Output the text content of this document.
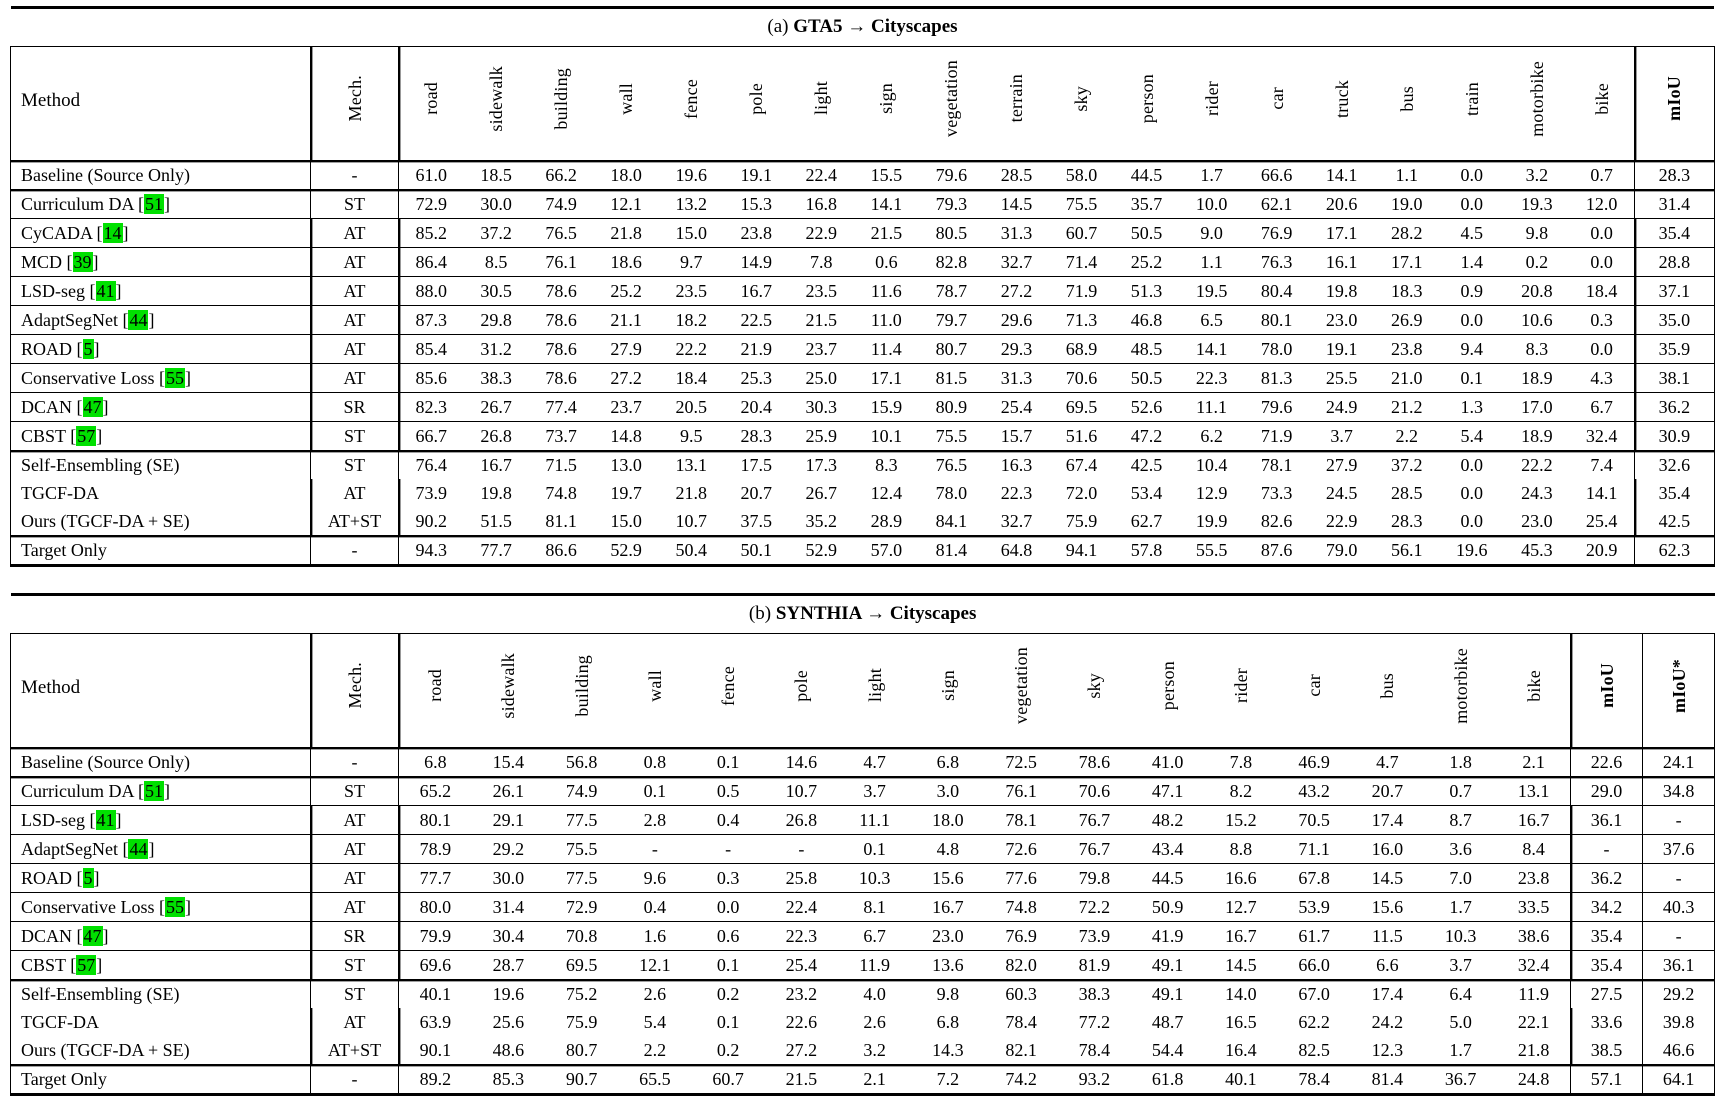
(a) GTA5 → Cityscapes																					
Method	Mech.	road	sidewalk	building	wall	fence	pole	light	sign	vegetation	terrain	sky	person	rider	car	truck	bus	train	motorbike	bike	mIoU
Baseline (Source Only)	-	61.0	18.5	66.2	18.0	19.6	19.1	22.4	15.5	79.6	28.5	58.0	44.5	1.7	66.6	14.1	1.1	0.0	3.2	0.7	28.3
Curriculum DA [51]	ST	72.9	30.0	74.9	12.1	13.2	15.3	16.8	14.1	79.3	14.5	75.5	35.7	10.0	62.1	20.6	19.0	0.0	19.3	12.0	31.4
CyCADA [14]	AT	85.2	37.2	76.5	21.8	15.0	23.8	22.9	21.5	80.5	31.3	60.7	50.5	9.0	76.9	17.1	28.2	4.5	9.8	0.0	35.4
MCD [39]	AT	86.4	8.5	76.1	18.6	9.7	14.9	7.8	0.6	82.8	32.7	71.4	25.2	1.1	76.3	16.1	17.1	1.4	0.2	0.0	28.8
LSD-seg [41]	AT	88.0	30.5	78.6	25.2	23.5	16.7	23.5	11.6	78.7	27.2	71.9	51.3	19.5	80.4	19.8	18.3	0.9	20.8	18.4	37.1
AdaptSegNet [44]	AT	87.3	29.8	78.6	21.1	18.2	22.5	21.5	11.0	79.7	29.6	71.3	46.8	6.5	80.1	23.0	26.9	0.0	10.6	0.3	35.0
ROAD [5]	AT	85.4	31.2	78.6	27.9	22.2	21.9	23.7	11.4	80.7	29.3	68.9	48.5	14.1	78.0	19.1	23.8	9.4	8.3	0.0	35.9
Conservative Loss [55]	AT	85.6	38.3	78.6	27.2	18.4	25.3	25.0	17.1	81.5	31.3	70.6	50.5	22.3	81.3	25.5	21.0	0.1	18.9	4.3	38.1
DCAN [47]	SR	82.3	26.7	77.4	23.7	20.5	20.4	30.3	15.9	80.9	25.4	69.5	52.6	11.1	79.6	24.9	21.2	1.3	17.0	6.7	36.2
CBST [57]	ST	66.7	26.8	73.7	14.8	9.5	28.3	25.9	10.1	75.5	15.7	51.6	47.2	6.2	71.9	3.7	2.2	5.4	18.9	32.4	30.9
Self-Ensembling (SE)	ST	76.4	16.7	71.5	13.0	13.1	17.5	17.3	8.3	76.5	16.3	67.4	42.5	10.4	78.1	27.9	37.2	0.0	22.2	7.4	32.6
TGCF-DA	AT	73.9	19.8	74.8	19.7	21.8	20.7	26.7	12.4	78.0	22.3	72.0	53.4	12.9	73.3	24.5	28.5	0.0	24.3	14.1	35.4
Ours (TGCF-DA + SE)	AT+ST	90.2	51.5	81.1	15.0	10.7	37.5	35.2	28.9	84.1	32.7	75.9	62.7	19.9	82.6	22.9	28.3	0.0	23.0	25.4	42.5
Target Only	-	94.3	77.7	86.6	52.9	50.4	50.1	52.9	57.0	81.4	64.8	94.1	57.8	55.5	87.6	79.0	56.1	19.6	45.3	20.9	62.3
(b) SYNTHIA → Cityscapes																			
Method	Mech.	road	sidewalk	building	wall	fence	pole	light	sign	vegetation	sky	person	rider	car	bus	motorbike	bike	mIoU	mIoU*
Baseline (Source Only)	-	6.8	15.4	56.8	0.8	0.1	14.6	4.7	6.8	72.5	78.6	41.0	7.8	46.9	4.7	1.8	2.1	22.6	24.1
Curriculum DA [51]	ST	65.2	26.1	74.9	0.1	0.5	10.7	3.7	3.0	76.1	70.6	47.1	8.2	43.2	20.7	0.7	13.1	29.0	34.8
LSD-seg [41]	AT	80.1	29.1	77.5	2.8	0.4	26.8	11.1	18.0	78.1	76.7	48.2	15.2	70.5	17.4	8.7	16.7	36.1	-
AdaptSegNet [44]	AT	78.9	29.2	75.5	-	-	-	0.1	4.8	72.6	76.7	43.4	8.8	71.1	16.0	3.6	8.4	-	37.6
ROAD [5]	AT	77.7	30.0	77.5	9.6	0.3	25.8	10.3	15.6	77.6	79.8	44.5	16.6	67.8	14.5	7.0	23.8	36.2	-
Conservative Loss [55]	AT	80.0	31.4	72.9	0.4	0.0	22.4	8.1	16.7	74.8	72.2	50.9	12.7	53.9	15.6	1.7	33.5	34.2	40.3
DCAN [47]	SR	79.9	30.4	70.8	1.6	0.6	22.3	6.7	23.0	76.9	73.9	41.9	16.7	61.7	11.5	10.3	38.6	35.4	-
CBST [57]	ST	69.6	28.7	69.5	12.1	0.1	25.4	11.9	13.6	82.0	81.9	49.1	14.5	66.0	6.6	3.7	32.4	35.4	36.1
Self-Ensembling (SE)	ST	40.1	19.6	75.2	2.6	0.2	23.2	4.0	9.8	60.3	38.3	49.1	14.0	67.0	17.4	6.4	11.9	27.5	29.2
TGCF-DA	AT	63.9	25.6	75.9	5.4	0.1	22.6	2.6	6.8	78.4	77.2	48.7	16.5	62.2	24.2	5.0	22.1	33.6	39.8
Ours (TGCF-DA + SE)	AT+ST	90.1	48.6	80.7	2.2	0.2	27.2	3.2	14.3	82.1	78.4	54.4	16.4	82.5	12.3	1.7	21.8	38.5	46.6
Target Only	-	89.2	85.3	90.7	65.5	60.7	21.5	2.1	7.2	74.2	93.2	61.8	40.1	78.4	81.4	36.7	24.8	57.1	64.1
